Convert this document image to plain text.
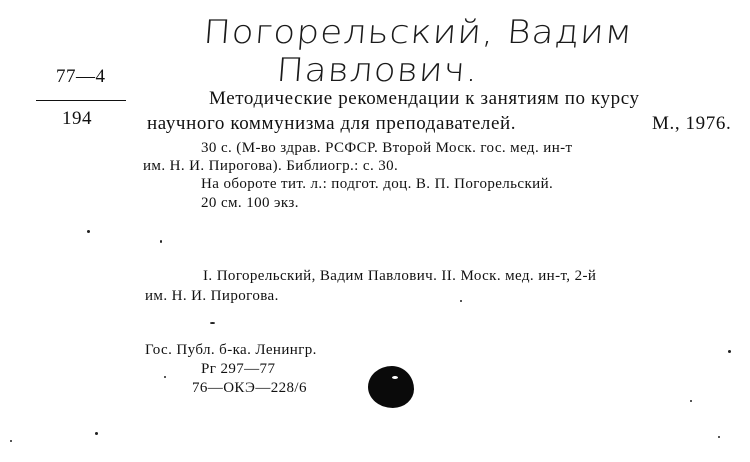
77—4
194
Погорельский, Вадим
Павлович.
Методические рекомендации к занятиям по курсу
научного коммунизма для преподавателей.	М., 1976.
30 с. (М-во здрав. РСФСР. Второй Моск. гос. мед. ин-т
им. Н. И. Пирогова). Библиогр.: с. 30.
На обороте тит. л.: подгот. доц. В. П. Погорельский.
20 см. 100 экз.
I. Погорельский, Вадим Павлович. II. Моск. мед. ин-т, 2-й
им. Н. И. Пирогова.
Гос. Публ. б-ка. Ленингр.
Рг 297—77
76—ОКЭ—228/6
